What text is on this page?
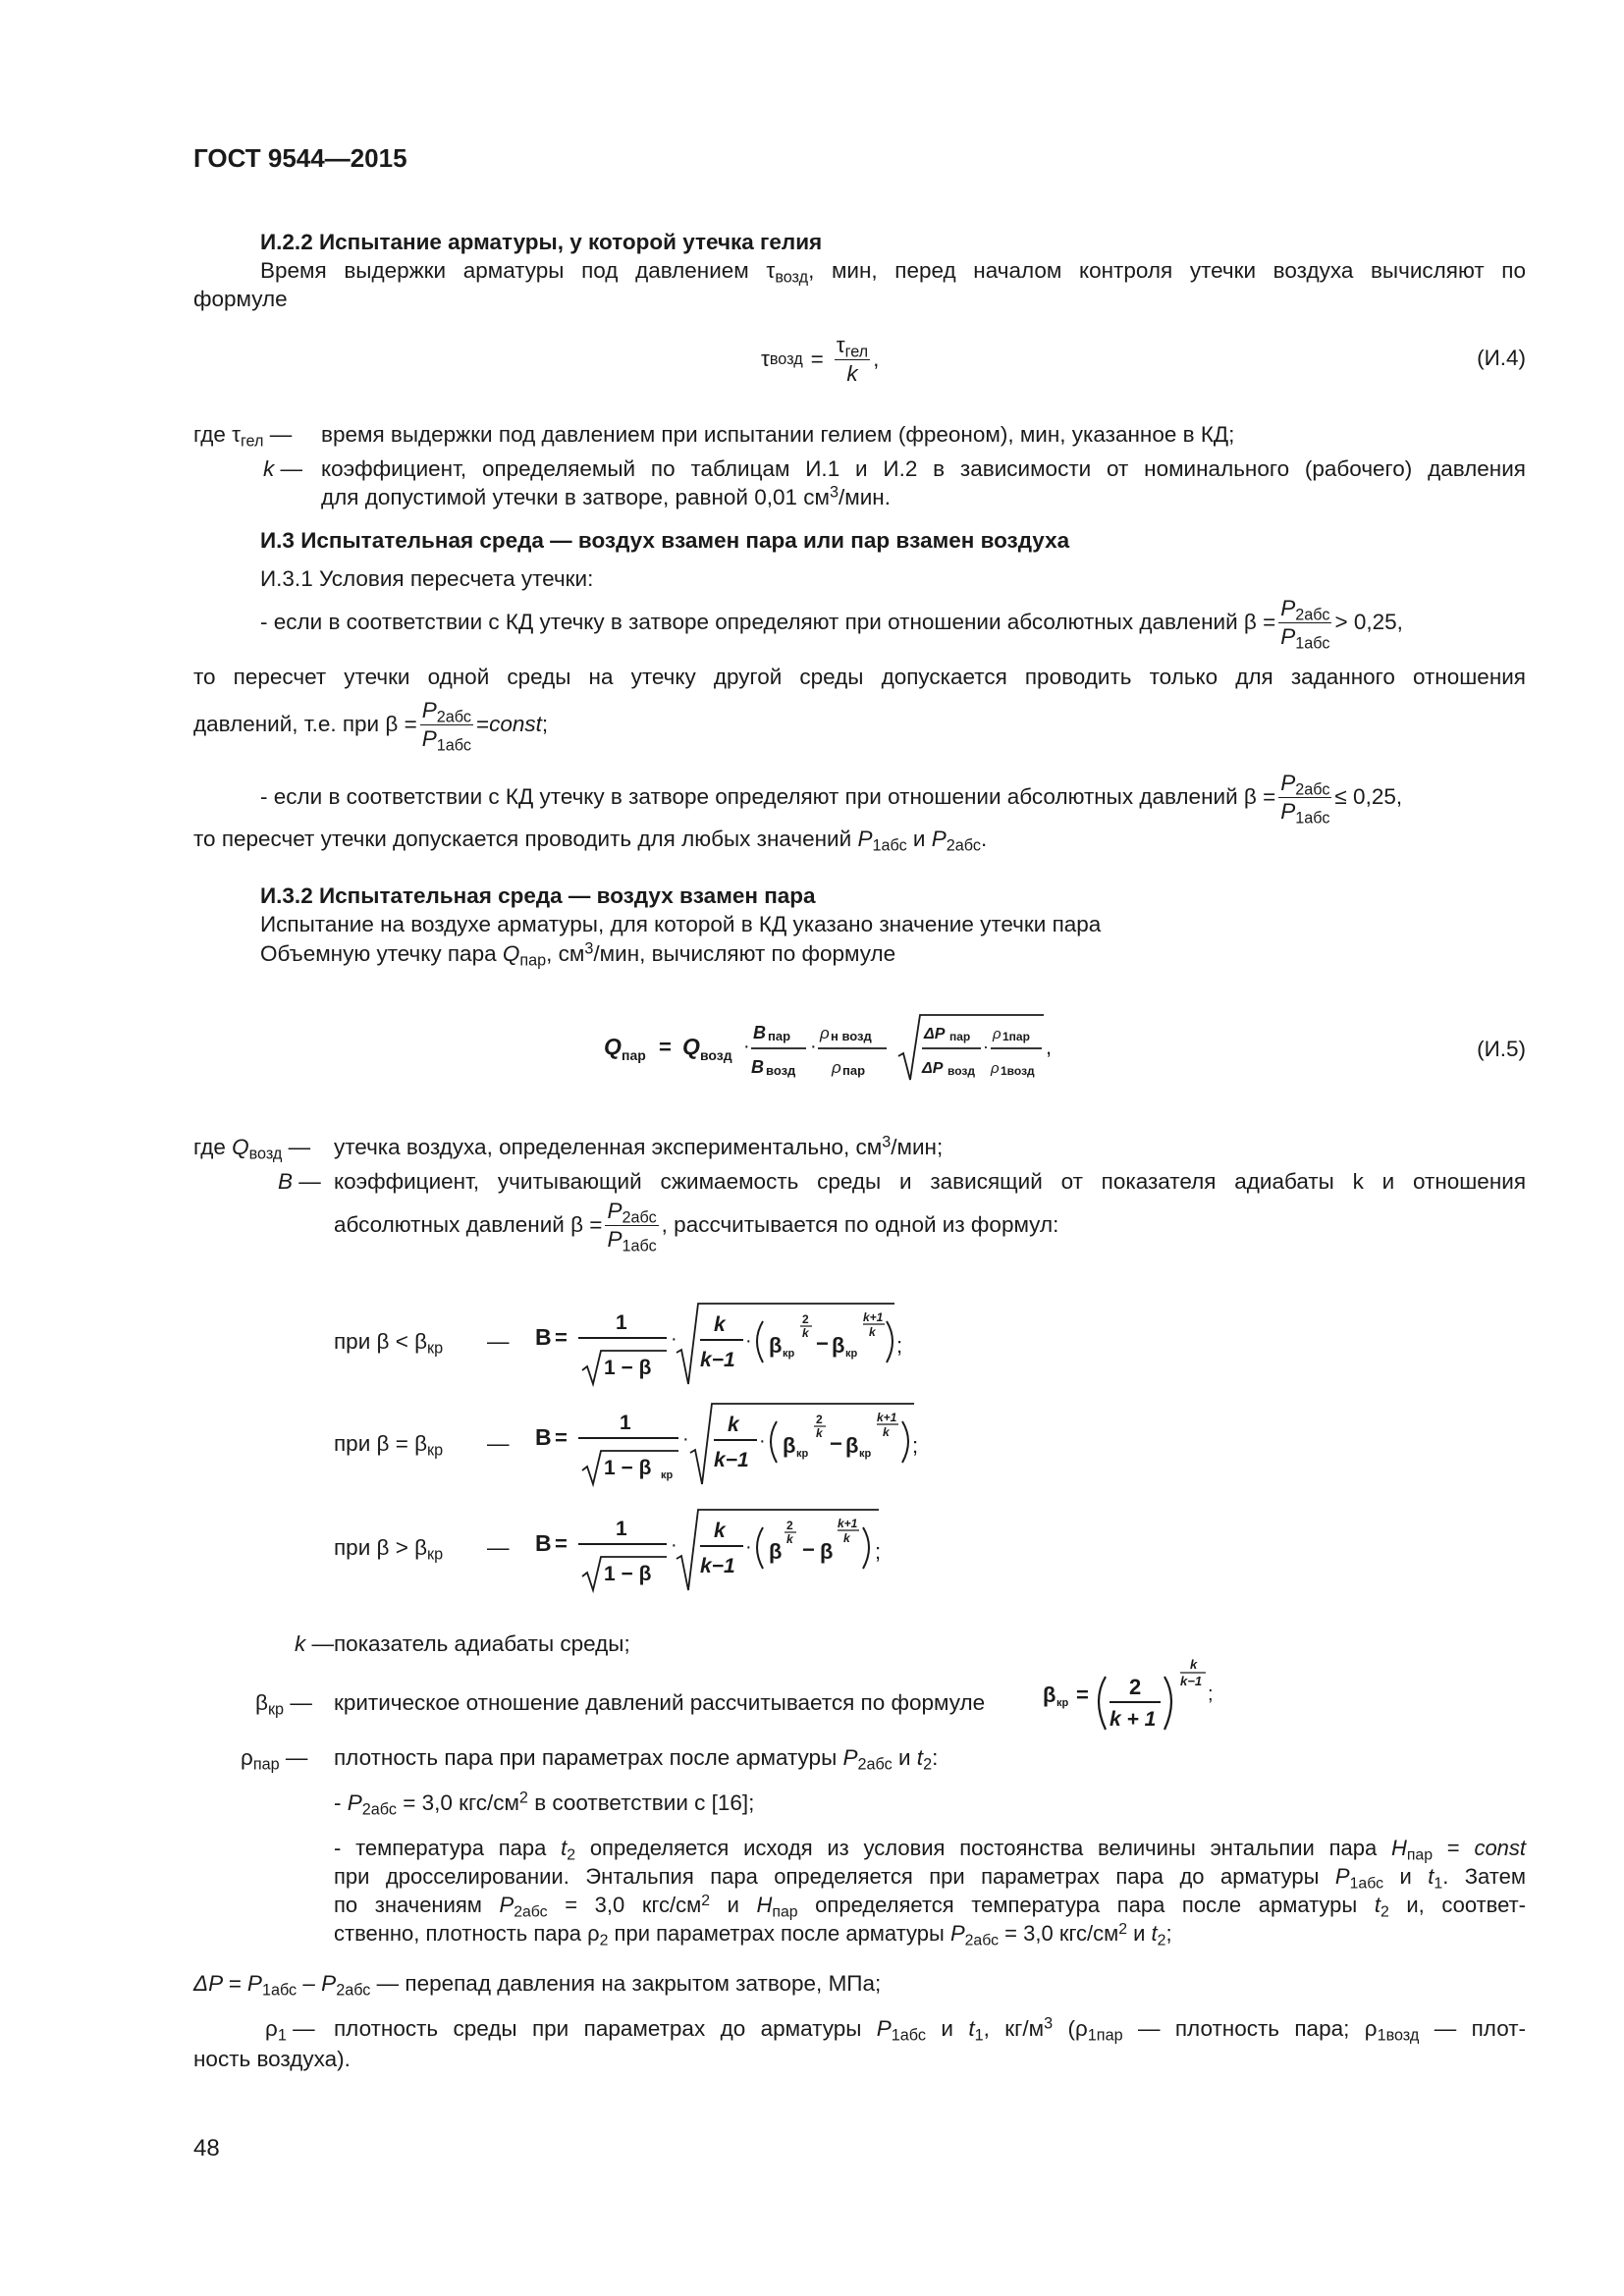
ГОСТ 9544—2015
И.2.2 Испытание арматуры, у которой утечка гелия
Время выдержки арматуры под давлением $\tau_{возд}$, мин, перед началом контроля утечки воздуха вычисляют по
формуле
τ возд = $\frac{\tau_{гел}}{k}$ ,	(И.4)
где $\tau_{гел}$ — время выдержки под давлением при испытании гелием (фреоном), мин, указанное в КД;
k — коэффициент, определяемый по таблицам И.1 и И.2 в зависимости от номинального (рабочего) давления
для допустимой утечки в затворе, равной 0,01 $см^3$/мин.
И.3 Испытательная среда — воздух взамен пара или пар взамен воздуха
И.3.1 Условия пересчета утечки:
- если в соответствии с КД утечку в затворе определяют при отношении абсолютных давлений $\beta = \frac{P_{2абс}}{P_{1абс}} > 0,25$,
то пересчет утечки одной среды на утечку другой среды допускается проводить только для заданного отношения
давлений, т.е. при $\beta = \frac{P_{2абс}}{P_{1абс}}$ = const ;
- если в соответствии с КД утечку в затворе определяют при отношении абсолютных давлений $\beta = \frac{P_{2абс}}{P_{1абс}} \le 0,25$,
то пересчет утечки допускается проводить для любых значений $P_{1абс}$ и $P_{2абс}$.
И.3.2 Испытательная среда — воздух взамен пара
Испытание на воздухе арматуры, для которой в КД указано значение утечки пара
Объемную утечку пара $Q_{пар}$, $см^3$/мин, вычисляют по формуле
Q пар = Q возд ·
B пар
B возд
·
ρ н возд
ρ пар
ΔP пар
ΔP возд
·
ρ 1пар
ρ 1возд
,	(И.5)
где $Q_{возд}$ — утечка воздуха, определенная экспериментально, $см^3$/мин;
B — коэффициент, учитывающий сжимаемость среды и зависящий от показателя адиабаты k и отношения
абсолютных давлений $\beta = \frac{P_{2абс}}{P_{1абс}}$ , рассчитывается по одной из формул:
при $\beta < \beta_{кр}$ — B =
1
1 − β
·
k
k−1
· β кр
2
k − β кр
k+1
k
;
при $\beta = \beta_{кр}$ — B =
1
1 − β кр
·
k
k−1
· β кр
2
k − β кр
k+1
k
;
при $\beta > \beta_{кр}$ — B =
1
1 − β
·
k
k−1
· β
2
k − β
k+1
k
;
k — показатель адиабаты среды;
$\beta_{кр}$ — критическое отношение давлений рассчитывается по формуле	β кр = 2
k + 1
k
k−1
;
$\rho_{пар}$ — плотность пара при параметрах после арматуры $P_{2абс}$ и $t_2$:
- $P_{2абс} = 3,0$ кгс/$см^2$ в соответствии с [16];
- температура пара $t_2$ определяется исходя из условия постоянства величины энтальпии пара $H_{пар}$ = const
при дросселировании. Энтальпия пара определяется при параметрах пара до арматуры $P_{1абс}$ и $t_1$. Затем
по значениям $P_{2абс} = 3,0$ кгс/$см^2$ и $H_{пар}$ определяется температура пара после арматуры $t_2$ и, соответ-
ственно, плотность пара $\rho_2$ при параметрах после арматуры $P_{2абс} = 3,0$ кгс/$см^2$ и $t_2$;
$\Delta P = P_{1абс} - P_{2абс}$ — перепад давления на закрытом затворе, МПа;
$\rho_1$ — плотность среды при параметрах до арматуры $P_{1абс}$ и $t_1$, $кг/м^3$ ($\rho_{1пар}$ — плотность пара; $\rho_{1возд}$ — плот-
ность воздуха).
48
